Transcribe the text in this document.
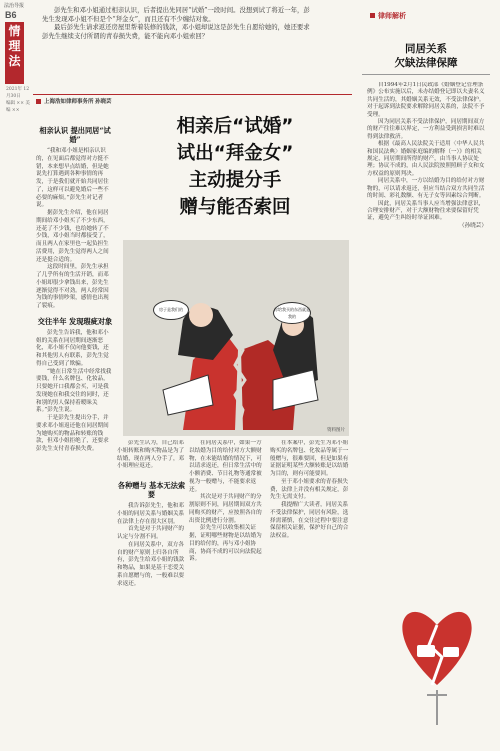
法治导报
B6
情理法
2021年 12月30日
编辑 ×× 美编 ××

彭先生和邓小姐通过相亲认识，后者提出先同居“试婚”一段时间。没想到试了将近一年，彭先生发现邓小姐不但是个“拜金女”，而且还有不少缠结对象。

最后彭先生请求返还房屋里帮着装修的钱款，邓小姐却说这是彭先生自愿给她的，她还要求彭先生继续支付所谓的青春损失费，能不能向邓小姐索回？

上海浩如律师事务所 孙晓芸
相亲认识 提出同居“试婚”

“我和邓小姐是相亲认识的，在见面后都觉得对方挺不错，本来想早点结婚，但是她说先打算遇到各种事情的再发，于是我们就开始共同居住了，这样可以避免婚后一些不必要的麻烦。”彭先生对记者说。

据彭先生介绍，他在同居期间给邓小姐买了不少东西，还花了不少钱，也给她转了不少钱，邓小姐当时都接受了，而且两人在家里也一起负担生活费用，彭先生觉得两人之间还是挺合适的。

这段时间里，彭先生承担了几乎所有的生活开销，而邓小姐却很少拿钱出来，彭先生逐渐觉得不对劲。两人经常因为钱的事情吵架，感情也出现了裂痕。

交往半年 发现瑕疵对象

彭先生告诉我，他和邓小姐的关系在同居期间逐渐恶化，邓小姐不仅向他要钱，还和其他男人有联系，彭先生觉得自己受到了欺骗。

“她在日常生活中经常找我要钱，什么名牌包、化妆品，只要她开口我都会买，可是我发现她在和我交往的同时，还和别的男人保持着暧昧关系。”彭先生说。

于是彭先生提出分手，并要求邓小姐返还他在同居期间为她购买的物品和转账的钱款，但邓小姐拒绝了，还要求彭先生支付青春损失费。

相亲后“试婚”
试出“拜金女”
主动提分手
赠与能否索回
房子是我们的	你给我买的东西就是我的
资料图片

彭先生认为，自己给邓小姐转账和购买物品是为了结婚，现在两人分手了，邓小姐理应返还。

各种赠与 基本无法索要

我告诉彭先生，他和邓小姐的同居关系与婚姻关系在法律上存在很大区别。

首先是对于共同财产的认定与分割不同。

在同居关系中，双方各自的财产原则上归各自所有，彭先生给邓小姐的钱款和物品，如果是基于恋爱关系自愿赠与的，一般难以要求返还。

在同居关系中，如果一方以结婚为目的给付对方大额财物，在未能结婚的情况下，可以请求返还，但日常生活中的小额消费、节日礼物等通常被视为一般赠与，不能要求返还。

其次是对于共同财产的分割原则不同，同居期间双方共同购买的财产，应按照各自的出资比例进行分割。

彭先生可以收集相关证据，证明哪些财物是以结婚为目的给付的，再与邓小姐协商，协商不成的可以向法院起诉。

在本案中，彭先生为邓小姐购买的名牌包、化妆品等属于一般赠与，很难要回，但是如果有证据证明某些大额转账是以结婚为目的，则有可能要回。

至于邓小姐要求的青春损失费，法律上并没有相关规定，彭先生无需支付。

我提醒广大读者，同居关系不受法律保护，同居有风险，选择需谨慎，在交往过程中要注意保留相关证据，保护好自己的合法权益。

律师解析
同居关系
欠缺法律保障

自1994年2月1日民政部《婚姻登记管理条例》公布实施以后，未办结婚登记即以夫妻名义共同生活的，其婚姻关系无效，不受法律保护。对于起诉到法院要求解除同居关系的，法院不予受理。

因为同居关系不受法律保护，同居期间双方的财产往往难以界定，一方利益受到损害时难以得到法律救济。

根据《最高人民法院关于适用〈中华人民共和国民法典〉婚姻家庭编的解释（一）》的相关规定，同居期间所得的财产，由当事人协议处理；协议不成的，由人民法院按照照顾子女和女方权益的原则判决。

同居关系中，一方以结婚为目的给付对方财物的，可以请求返还，但应当结合双方共同生活的时间、彩礼数额、有无子女等因素综合判断。

因此，同居关系当事人应当增强法律意识，合理安排财产，对于大额财物往来要保留好凭证，避免产生纠纷时举证困难。

（孙晓芸）
